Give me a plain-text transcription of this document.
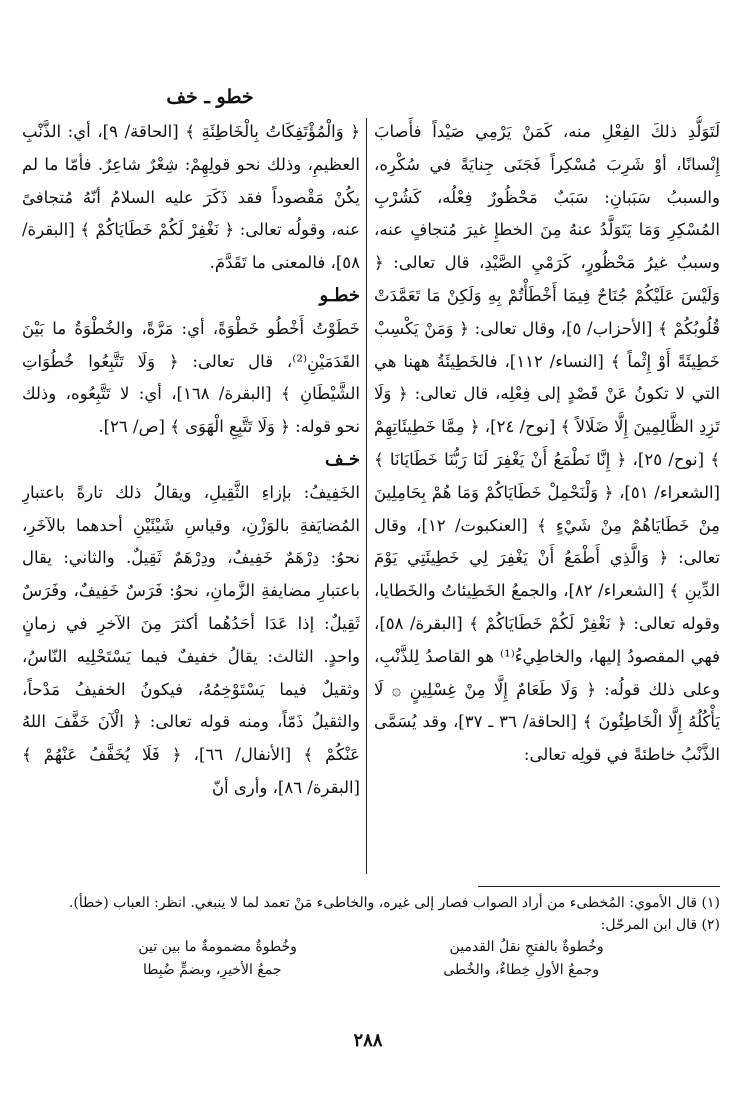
خطو ـ خف

لَتَوَلُّدِ ذلكَ الفِعْلِ منه، كَمَنْ يَرْمِي صَيْداً فأَصابَ إِنْسانًا، أوْ شَرِبَ مُسْكِراً فَجَنَى جِنايَةً في سُكْرِه، والسببُ سَبَبانِ: سَبَبٌ مَحْظُورٌ فِعْلُه، كَشُرْبِ المُسْكِرِ وَمَا يَتَوَلَّدُ عنهُ مِنَ الخطإِ غيرَ مُتجافٍ عنه، وسببٌ غيرُ مَحْظُورٍ، كَرَمْيِ الصَّيْدِ، قال تعالى: ﴿ وَلَيْسَ عَلَيْكُمْ جُنَاحٌ فِيمَا أَخْطَأْتُمْ بِهِ وَلَكِنْ مَا تَعَمَّدَتْ قُلُوبُكُمْ ﴾ [الأحزاب/ ٥]، وقال تعالى: ﴿ وَمَنْ يَكْسِبْ خَطِيئَةً أَوْ إِثْماً ﴾ [النساء/ ١١٢]، فالخَطِيئَةُ ههنا هي التي لا تكونُ عَنْ قَصْدٍ إلى فِعْلِه، قال تعالى: ﴿ وَلَا تَزِدِ الظَّالِمِينَ إِلَّا ضَلَالاً ﴾ [نوح/ ٢٤]، ﴿ مِمَّا خَطِيئَاتِهِمْ ﴾ [نوح/ ٢٥]، ﴿ إِنَّا نَطْمَعُ أَنْ يَغْفِرَ لَنَا رَبُّنَا خَطَايَانَا ﴾ [الشعراء/ ٥١]، ﴿ وَلْنَحْمِلْ خَطَايَاكُمْ وَمَا هُمْ بِحَامِلِينَ مِنْ خَطَايَاهُمْ مِنْ شَيْءٍ ﴾ [العنكبوت/ ١٢]، وقال تعالى: ﴿ وَالَّذِي أَطْمَعُ أَنْ يَغْفِرَ لِي خَطِيئَتِي يَوْمَ الدِّينِ ﴾ [الشعراء/ ٨٢]، والجمعُ الخَطِيئاتُ والخَطايا، وقوله تعالى: ﴿ نَغْفِرْ لَكُمْ خَطَايَاكُمْ ﴾ [البقرة/ ٥٨]، فهي المقصودُ إليها، والخاطِيءُ⁽¹⁾ هو القاصدُ لِلذَّنْبِ، وعلى ذلك قولُه: ﴿ وَلَا طَعَامٌ إِلَّا مِنْ غِسْلِينٍ ۞ لَا يَأْكُلُهُ إِلَّا الْخَاطِئُونَ ﴾ [الحاقة/ ٣٦ ـ ٣٧]، وقد يُسَمَّى الذَّنْبُ خاطئةً في قولِه تعالى:

﴿ وَالْمُؤْتَفِكَاتُ بِالْخَاطِئَةِ ﴾ [الحاقة/ ٩]، أي: الذَّنْبِ العظيمِ، وذلك نحو قولِهِمْ: شِعْرٌ شاعِرٌ. فأمّا ما لم يكُنْ مَقْصوداً فقد ذَكَرَ عليه السلامُ أنّهُ مُتجافىً عنه، وقولُه تعالى: ﴿ نَغْفِرْ لَكُمْ خَطَايَاكُمْ ﴾ [البقرة/ ٥٨]، فالمعنى ما تَقَدَّمَ.

خطـو

خَطَوْتُ أَخْطُو خَطْوَةً، أي: مَرَّةً، والخُطْوَةُ ما بَيْنَ القَدَمَيْنِ⁽²⁾، قال تعالى: ﴿ وَلَا تَتَّبِعُوا خُطُوَاتِ الشَّيْطَانِ ﴾ [البقرة/ ١٦٨]، أي: لا تَتَّبِعُوه، وذلك نحو قوله: ﴿ وَلَا تَتَّبِعِ الْهَوَى ﴾ [ص/ ٢٦].

خـف

الخَفِيفُ: بإزاءِ الثَّقِيلِ، ويقالُ ذلك تارةً باعتبارِ المُضايَفةِ بالوَزْنِ، وقياسِ شَيْئَيْنِ أحدهما بالآخَرِ، نحوُ: دِرْهَمٌ خَفِيفٌ، ودِرْهَمٌ ثَقِيلٌ. والثاني: يقال باعتبارِ مضايفةِ الزَّمانِ، نحوُ: فَرَسٌ خَفِيفٌ، وفَرَسٌ ثَقِيلٌ: إذا عَدَا أحَدُهُما أكثرَ مِنَ الآخرِ في زمانٍ واحدٍ. الثالث: يقالُ خفيفٌ فيما يَسْتَحْلِيه النّاسُ، وثقيلٌ فيما يَسْتَوْخِمُهُ، فيكونُ الخفيفُ مَدْحاً، والثقيلُ ذَمّاً، ومنه قوله تعالى: ﴿ الْآنَ خَفَّفَ اللهُ عَنْكُمْ ﴾ [الأنفال/ ٦٦]، ﴿ فَلَا يُخَفَّفُ عَنْهُمْ ﴾ [البقرة/ ٨٦]، وأرى أنّ

(١) قال الأموي: المُخطىء من أراد الصواب فصار إلى غيره، والخاطىء مَنْ تعمد لما لا ينبغي. انظر: العباب (خطأ).

(٢) قال ابن المرحّل:

وخُطوةٌ بالفتحِ نقلُ القدمين
وخُطوةٌ مضمومةٌ ما بين تين
وجمعُ الأولِ خِطاءٌ، والخُطى
جمعُ الأخيرِ، وبضمٍّ ضُبِطا
٢٨٨
